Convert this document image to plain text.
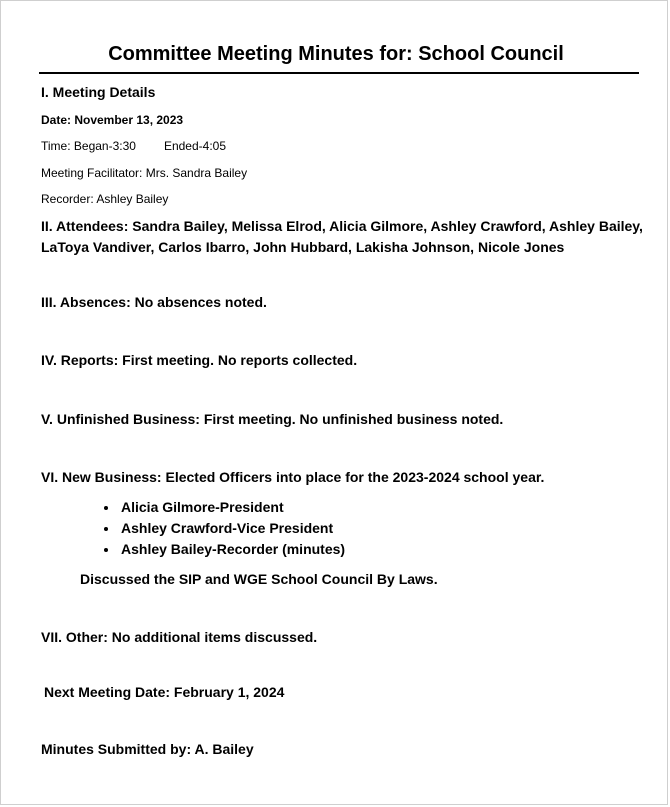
Committee Meeting Minutes for: School Council
I. Meeting Details
Date: November 13, 2023
Time: Began-3:30 Ended-4:05
Meeting Facilitator: Mrs. Sandra Bailey
Recorder: Ashley Bailey
II. Attendees: Sandra Bailey, Melissa Elrod, Alicia Gilmore, Ashley Crawford, Ashley Bailey,
LaToya Vandiver, Carlos Ibarro, John Hubbard, Lakisha Johnson, Nicole Jones
III. Absences: No absences noted.
IV. Reports: First meeting. No reports collected.
V. Unfinished Business: First meeting. No unfinished business noted.
VI. New Business: Elected Officers into place for the 2023-2024 school year.
• Alicia Gilmore-President
• Ashley Crawford-Vice President
• Ashley Bailey-Recorder (minutes)
Discussed the SIP and WGE School Council By Laws.
VII. Other: No additional items discussed.
Next Meeting Date: February 1, 2024
Minutes Submitted by: A. Bailey
